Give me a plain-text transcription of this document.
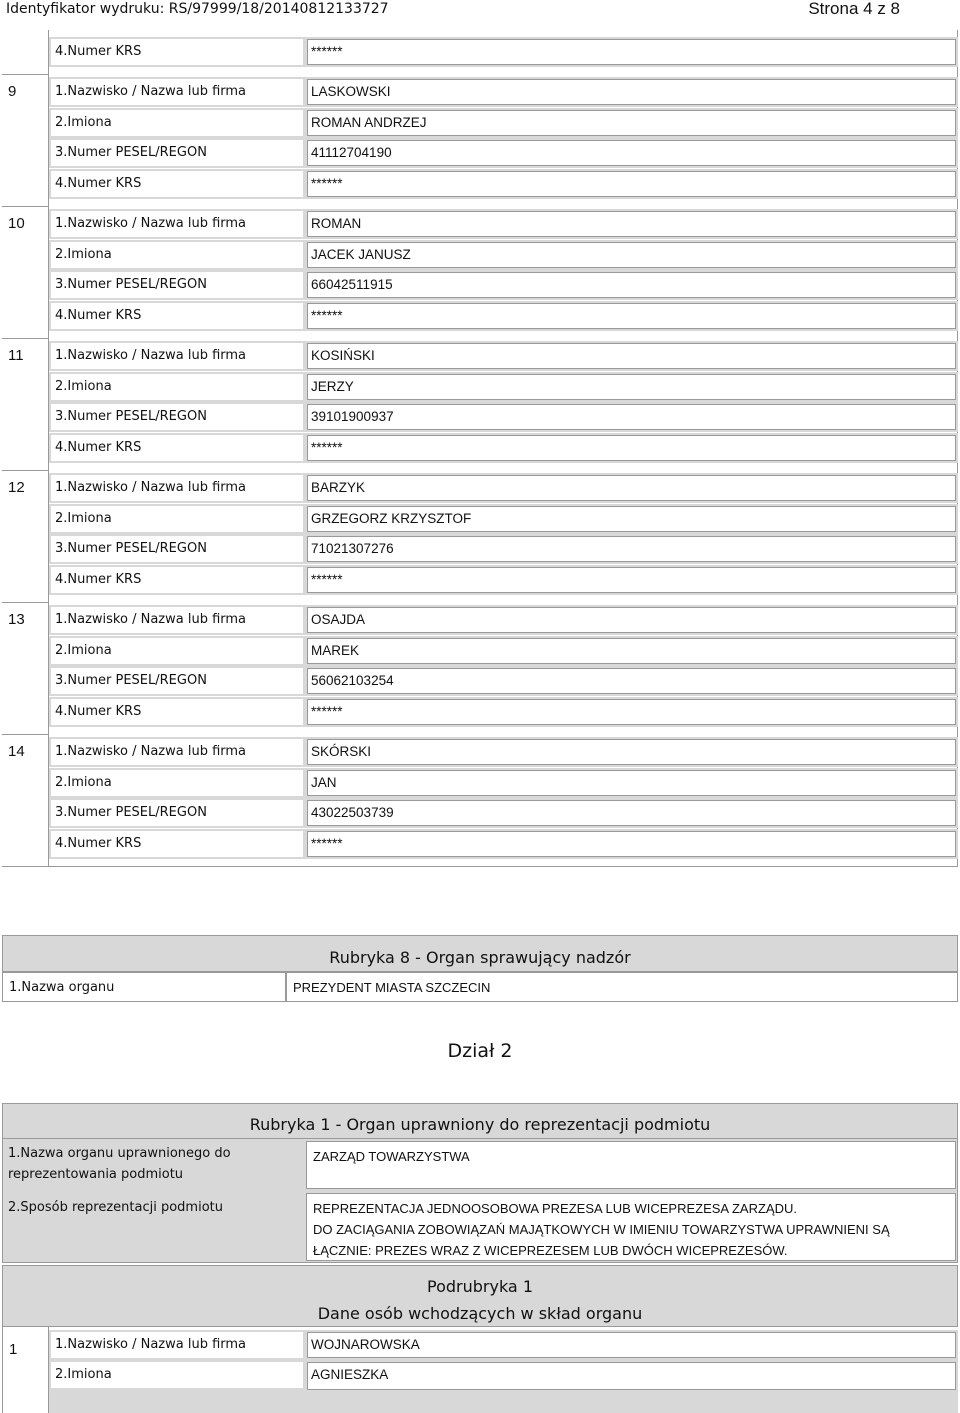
Identyfikator wydruku: RS/97999/18/20140812133727	Strona 4 z 8
4.Numer KRS	******
9	1.Nazwisko / Nazwa lub firma	LASKOWSKI
2.Imiona	ROMAN ANDRZEJ
3.Numer PESEL/REGON	41112704190
4.Numer KRS	******
10 1.Nazwisko / Nazwa lub firma	ROMAN
2.Imiona	JACEK JANUSZ
3.Numer PESEL/REGON	66042511915
4.Numer KRS	******
11 1.Nazwisko / Nazwa lub firma	KOSIŃSKI
2.Imiona	JERZY
3.Numer PESEL/REGON	39101900937
4.Numer KRS	******
12 1.Nazwisko / Nazwa lub firma	BARZYK
2.Imiona	GRZEGORZ KRZYSZTOF
3.Numer PESEL/REGON	71021307276
4.Numer KRS	******
13 1.Nazwisko / Nazwa lub firma	OSAJDA
2.Imiona	MAREK
3.Numer PESEL/REGON	56062103254
4.Numer KRS	******
14 1.Nazwisko / Nazwa lub firma	SKÓRSKI
2.Imiona	JAN
3.Numer PESEL/REGON	43022503739
4.Numer KRS	******
Rubryka 8 - Organ sprawujący nadzór
1.Nazwa organu	PREZYDENT MIASTA SZCZECIN
Dział 2
Rubryka 1 - Organ uprawniony do reprezentacji podmiotu
1.Nazwa organu uprawnionego do reprezentowania podmiotu
ZARZĄD TOWARZYSTWA
2.Sposób reprezentacji podmiotu	REPREZENTACJA JEDNOOSOBOWA PREZESA LUB WICEPREZESA ZARZĄDU.
DO ZACIĄGANIA ZOBOWIĄZAŃ MAJĄTKOWYCH W IMIENIU TOWARZYSTWA UPRAWNIENI SĄ
ŁĄCZNIE: PREZES WRAZ Z WICEPREZESEM LUB DWÓCH WICEPREZESÓW.
Podrubryka 1
Dane osób wchodzących w skład organu
1	1.Nazwisko / Nazwa lub firma	WOJNAROWSKA
2.Imiona	AGNIESZKA
